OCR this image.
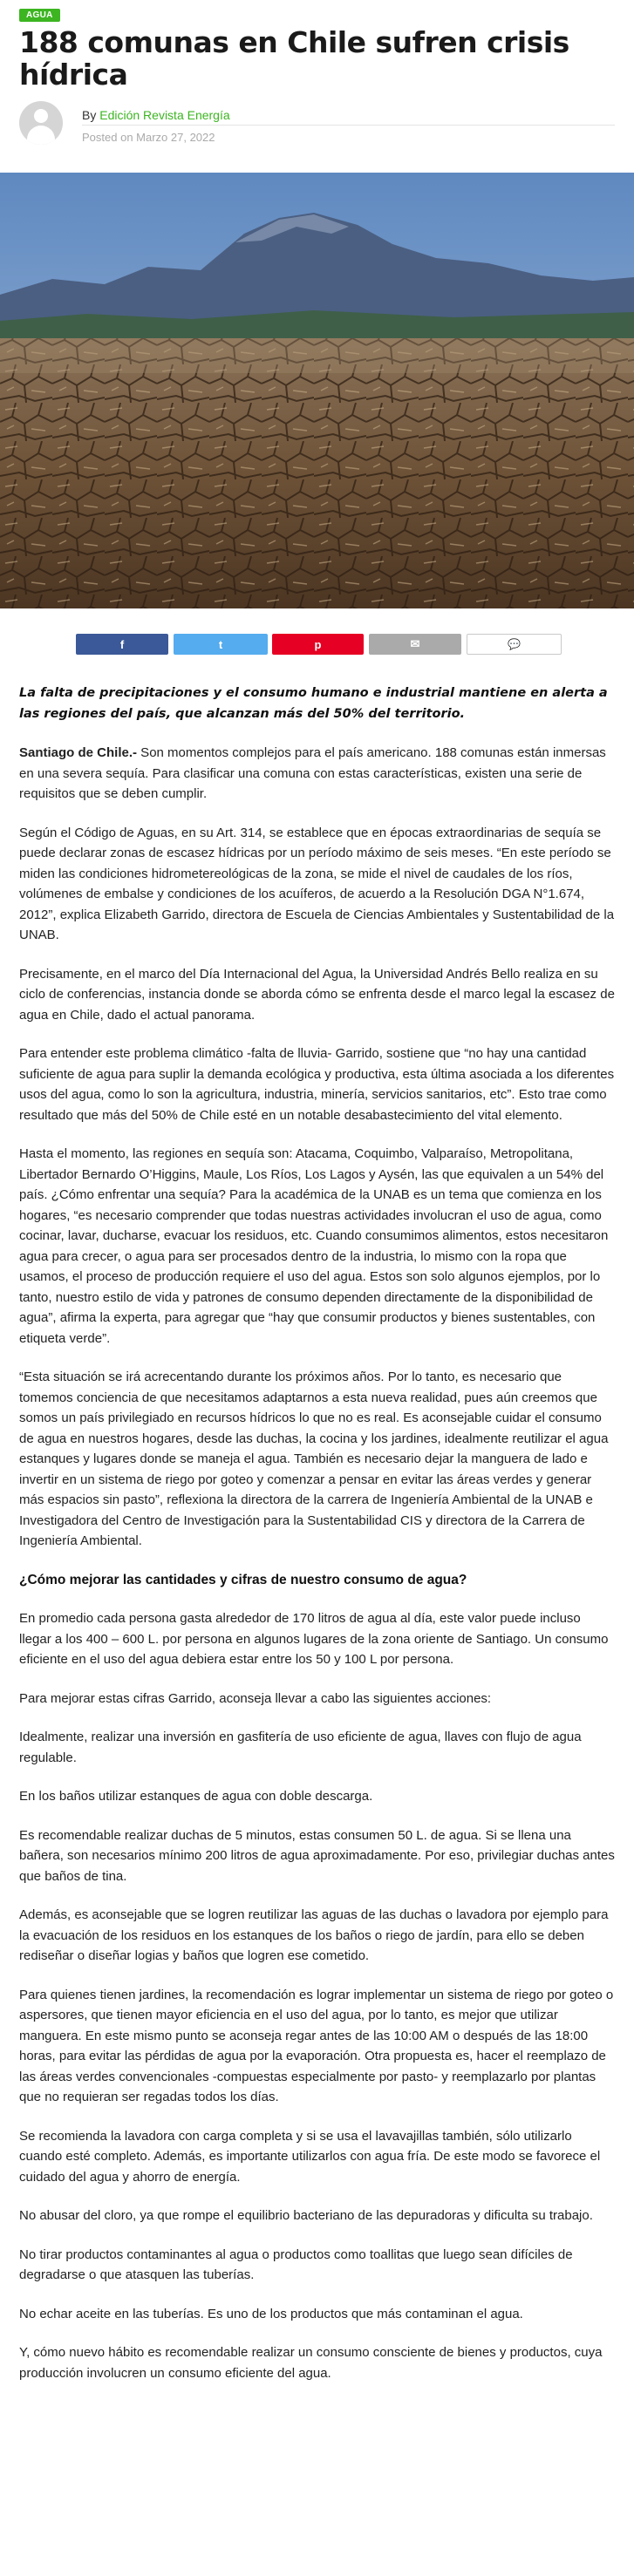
AGUA
188 comunas en Chile sufren crisis hídrica
By Edición Revista Energía
Posted on Marzo 27, 2022
f	t	p	✉	💬

La falta de precipitaciones y el consumo humano e industrial mantiene en alerta a las regiones del país, que alcanzan más del 50% del territorio.

Santiago de Chile.- Son momentos complejos para el país americano. 188 comunas están inmersas en una severa sequía. Para clasificar una comuna con estas características, existen una serie de requisitos que se deben cumplir.

Según el Código de Aguas, en su Art. 314, se establece que en épocas extraordinarias de sequía se puede declarar zonas de escasez hídricas por un período máximo de seis meses. “En este período se miden las condiciones hidrometereológicas de la zona, se mide el nivel de caudales de los ríos, volúmenes de embalse y condiciones de los acuíferos, de acuerdo a la Resolución DGA N°1.674, 2012”, explica Elizabeth Garrido, directora de Escuela de Ciencias Ambientales y Sustentabilidad de la UNAB.

Precisamente, en el marco del Día Internacional del Agua, la Universidad Andrés Bello realiza en su ciclo de conferencias, instancia donde se aborda cómo se enfrenta desde el marco legal la escasez de agua en Chile, dado el actual panorama.

Para entender este problema climático -falta de lluvia- Garrido, sostiene que “no hay una cantidad suficiente de agua para suplir la demanda ecológica y productiva, esta última asociada a los diferentes usos del agua, como lo son la agricultura, industria, minería, servicios sanitarios, etc”. Esto trae como resultado que más del 50% de Chile esté en un notable desabastecimiento del vital elemento.

Hasta el momento, las regiones en sequía son: Atacama, Coquimbo, Valparaíso, Metropolitana, Libertador Bernardo O’Higgins, Maule, Los Ríos, Los Lagos y Aysén, las que equivalen a un 54% del país. ¿Cómo enfrentar una sequía? Para la académica de la UNAB es un tema que comienza en los hogares, “es necesario comprender que todas nuestras actividades involucran el uso de agua, como cocinar, lavar, ducharse, evacuar los residuos, etc. Cuando consumimos alimentos, estos necesitaron agua para crecer, o agua para ser procesados dentro de la industria, lo mismo con la ropa que usamos, el proceso de producción requiere el uso del agua. Estos son solo algunos ejemplos, por lo tanto, nuestro estilo de vida y patrones de consumo dependen directamente de la disponibilidad de agua”, afirma la experta, para agregar que “hay que consumir productos y bienes sustentables, con etiqueta verde”.

“Esta situación se irá acrecentando durante los próximos años. Por lo tanto, es necesario que tomemos conciencia de que necesitamos adaptarnos a esta nueva realidad, pues aún creemos que somos un país privilegiado en recursos hídricos lo que no es real. Es aconsejable cuidar el consumo de agua en nuestros hogares, desde las duchas, la cocina y los jardines, idealmente reutilizar el agua estanques y lugares donde se maneja el agua. También es necesario dejar la manguera de lado e invertir en un sistema de riego por goteo y comenzar a pensar en evitar las áreas verdes y generar más espacios sin pasto”, reflexiona la directora de la carrera de Ingeniería Ambiental de la UNAB e Investigadora del Centro de Investigación para la Sustentabilidad CIS y directora de la Carrera de Ingeniería Ambiental.

¿Cómo mejorar las cantidades y cifras de nuestro consumo de agua?

En promedio cada persona gasta alrededor de 170 litros de agua al día, este valor puede incluso llegar a los 400 – 600 L. por persona en algunos lugares de la zona oriente de Santiago. Un consumo eficiente en el uso del agua debiera estar entre los 50 y 100 L por persona.

Para mejorar estas cifras Garrido, aconseja llevar a cabo las siguientes acciones:

Idealmente, realizar una inversión en gasfitería de uso eficiente de agua, llaves con flujo de agua regulable.

En los baños utilizar estanques de agua con doble descarga.

Es recomendable realizar duchas de 5 minutos, estas consumen 50 L. de agua. Si se llena una bañera, son necesarios mínimo 200 litros de agua aproximadamente. Por eso, privilegiar duchas antes que baños de tina.

Además, es aconsejable que se logren reutilizar las aguas de las duchas o lavadora por ejemplo para la evacuación de los residuos en los estanques de los baños o riego de jardín, para ello se deben rediseñar o diseñar logias y baños que logren ese cometido.

Para quienes tienen jardines, la recomendación es lograr implementar un sistema de riego por goteo o aspersores, que tienen mayor eficiencia en el uso del agua, por lo tanto, es mejor que utilizar manguera. En este mismo punto se aconseja regar antes de las 10:00 AM o después de las 18:00 horas, para evitar las pérdidas de agua por la evaporación. Otra propuesta es, hacer el reemplazo de las áreas verdes convencionales -compuestas especialmente por pasto- y reemplazarlo por plantas que no requieran ser regadas todos los días.

Se recomienda la lavadora con carga completa y si se usa el lavavajillas también, sólo utilizarlo cuando esté completo. Además, es importante utilizarlos con agua fría. De este modo se favorece el cuidado del agua y ahorro de energía.

No abusar del cloro, ya que rompe el equilibrio bacteriano de las depuradoras y dificulta su trabajo.

No tirar productos contaminantes al agua o productos como toallitas que luego sean difíciles de degradarse o que atasquen las tuberías.

No echar aceite en las tuberías. Es uno de los productos que más contaminan el agua.

Y, cómo nuevo hábito es recomendable realizar un consumo consciente de bienes y productos, cuya producción involucren un consumo eficiente del agua.
